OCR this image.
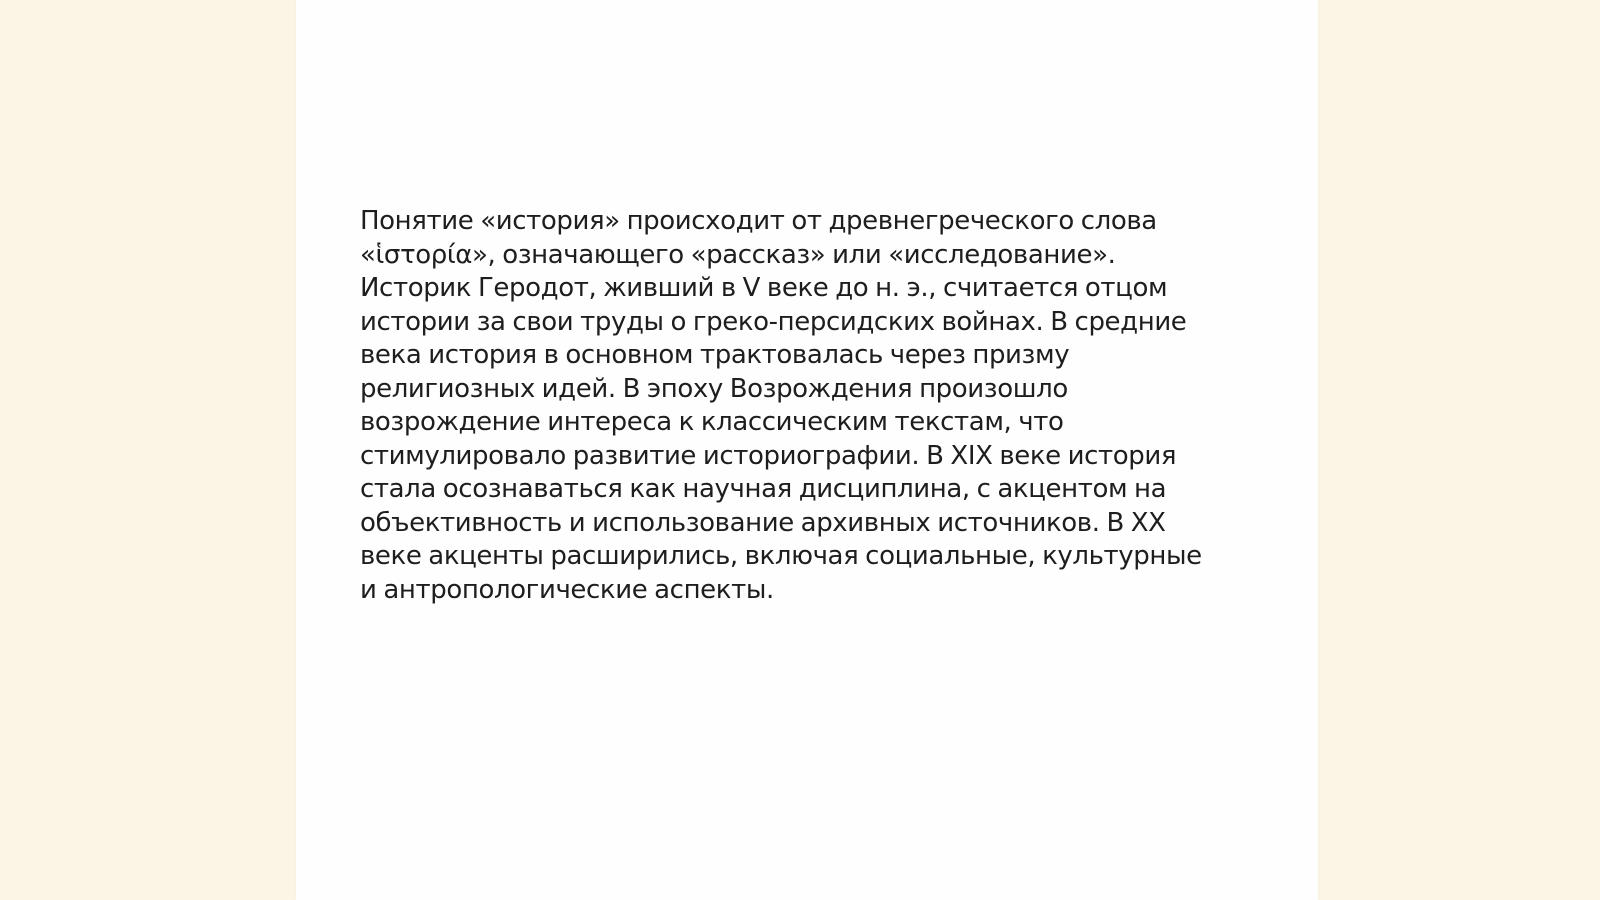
Понятие «история» происходит от древнегреческого слова
«ἱστορία», означающего «рассказ» или «исследование».
Историк Геродот, живший в V веке до н. э., считается отцом
истории за свои труды о греко-персидских войнах. В средние
века история в основном трактовалась через призму
религиозных идей. В эпоху Возрождения произошло
возрождение интереса к классическим текстам, что
стимулировало развитие историографии. В XIX веке история
стала осознаваться как научная дисциплина, с акцентом на
объективность и использование архивных источников. В XX
веке акценты расширились, включая социальные, культурные
и антропологические аспекты.
